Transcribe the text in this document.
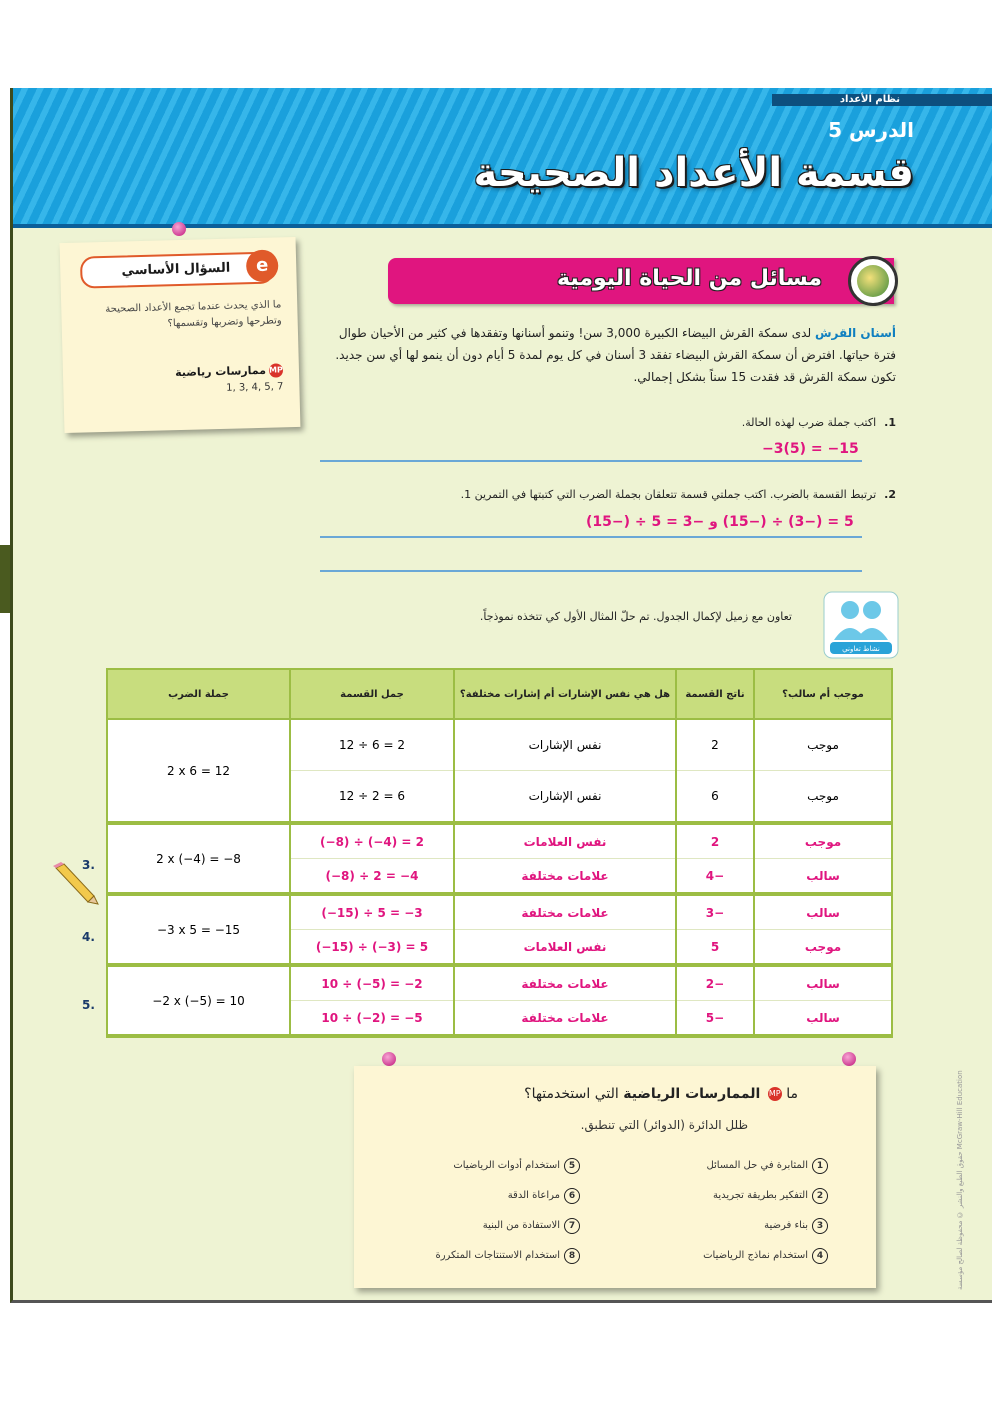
نظام الأعداد
الدرس 5
قسمة الأعداد الصحيحة
e
السؤال الأساسي
ما الذي يحدث عندما تجمع الأعداد الصحيحة وتطرحها وتضربها وتقسمها؟
MPممارسات رياضية
1, 3, 4, 5, 7
مسائل من الحياة اليومية
أسنان القرش لدى سمكة القرش البيضاء الكبيرة 3,000 سن! وتنمو أسنانها وتفقدها في كثير من الأحيان طوال فترة حياتها. افترض أن سمكة القرش البيضاء تفقد 3 أسنان في كل يوم لمدة 5 أيام دون أن ينمو لها أي سن جديد. تكون سمكة القرش قد فقدت 15 سناً بشكل إجمالي.
1.اكتب جملة ضرب لهذه الحالة.
−3(5) = −15
2.ترتبط القسمة بالضرب. اكتب جملتي قسمة تتعلقان بجملة الضرب التي كتبتها في التمرين 1.
5 = (−3) ÷ (−15) و −3 = 5 ÷ (−15)
نشاط تعاوني
تعاون مع زميل لإكمال الجدول. تم حلّ المثال الأول كي تتخذه نموذجاً.
موجب أم سالب؟	ناتج القسمة	هل هي نفس الإشارات أم إشارات مختلفة؟	جمل القسمة	جملة الضرب
موجب	2	نفس الإشارات	12 ÷ 6 = 2	2 x 6 = 12
موجب	6	نفس الإشارات	12 ÷ 2 = 6	
موجب	2	نفس العلامات	(−8) ÷ (−4) = 2	2 x (−4) = −8
سالب	−4	علامات مختلفة	(−8) ÷ 2 = −4	
سالب	−3	علامات مختلفة	(−15) ÷ 5 = −3	−3 x 5 = −15
موجب	5	نفس العلامات	(−15) ÷ (−3) = 5	
سالب	−2	علامات مختلفة	10 ÷ (−5) = −2	−2 x (−5) = 10
سالب	−5	علامات مختلفة	10 ÷ (−2) = −5	
3.
4.
5.
ما MP الممارسات الرياضية التي استخدمتها؟
ظلل الدائرة (الدوائر) التي تنطبق.
1المثابرة في حل المسائل
2التفكير بطريقة تجريدية
3بناء فرضية
4استخدام نماذج الرياضيات
5استخدام أدوات الرياضيات
6مراعاة الدقة
7الاستفادة من البنية
8استخدام الاستنتاجات المتكررة	حقوق الطبع والنشر © محفوظة لصالح مؤسسة McGraw-Hill Education
